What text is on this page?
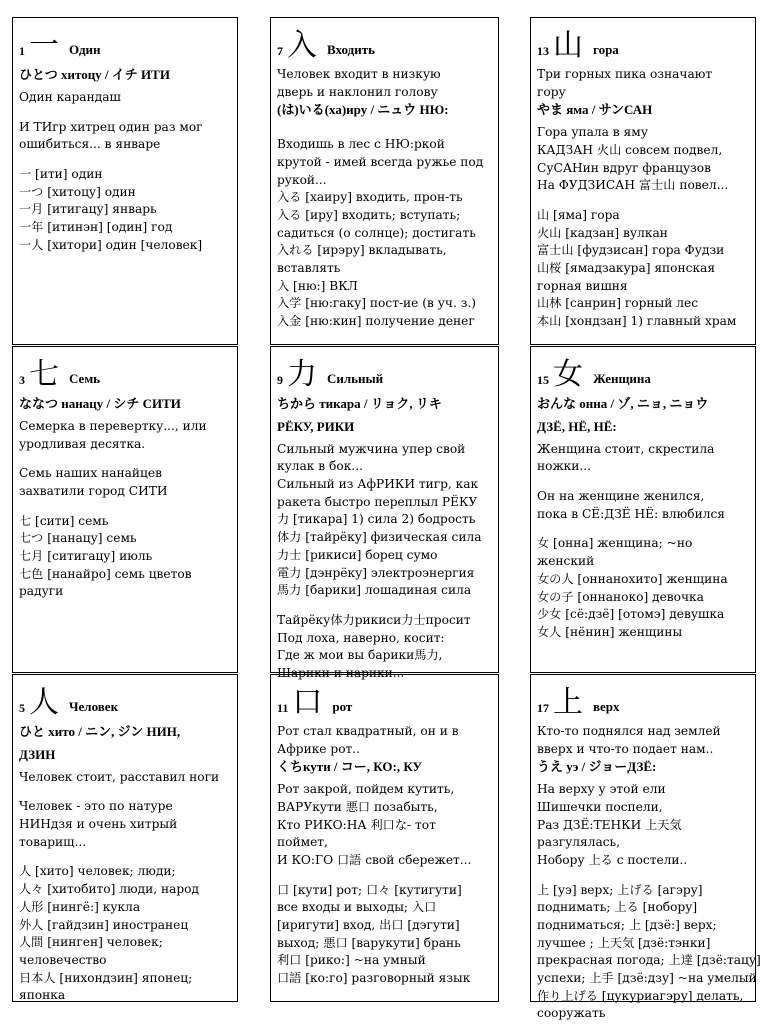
1 一 Один
ひとつ хитоцу / イチ ИТИ
Один карандаш
И ТИгр хитрец один раз мог
ошибиться... в январе
一 [ити] один
一つ [хитоцу] один
一月 [итигацу] январь
一年 [итинэн] [один] год
一人 [хитори] один [человек]
7 入 Входить
Человек входит в низкую
дверь и наклонил голову
(は)いる(ха)иру / ニュウ НЮ:
Входишь в лес с НЮ:ркой
крутой - имей всегда ружье под
рукой...
入る [хаиру] входить, прон-ть
入る [иру] входить; вступать;
садиться (о солнце); достигать
入れる [ирэру] вкладывать,
вставлять
入 [ню:] ВКЛ
入学 [ню:гаку] пост-ие (в уч. з.)
入金 [ню:кин] получение денег
13 山 гора
Три горных пика означают
гору
やま яма / サンСАН
Гора упала в яму
КАДЗАН 火山 совсем подвел,
СуСАНин вдруг французов
На ФУДЗИСАН 富士山 повел...
山 [яма] гора
火山 [кадзан] вулкан
富士山 [фудзисан] гора Фудзи
山桜 [ямадзакура] японская
горная вишня
山林 [санрин] горный лес
本山 [хондзан] 1) главный храм
3 七 Семь
ななつ нанацу / シチ СИТИ
Семерка в перевертку..., или
уродливая десятка.
Семь наших нанайцев
захватили город СИТИ
七 [сити] семь
七つ [нанацу] семь
七月 [ситигацу] июль
七色 [нанайро] семь цветов
радуги
9 力 Сильный
ちから тикара / リョク, リキ
РЁКУ, РИКИ
Сильный мужчина упер свой
кулак в бок...
Сильный из АфРИКИ тигр, как
ракета быстро переплыл РЁКУ
力 [тикара] 1) сила 2) бодрость
体力 [тайрёку] физическая сила
力士 [рикиси] борец сумо
電力 [дэнрёку] электроэнергия
馬力 [барики] лошадиная сила
Тайрёку体力рикиси力士просит
Под лоха, наверно, косит:
Где ж мои вы барики馬力,
Шарики и нарики...
15 女 Женщина
おんな онна / ゾ, ニョ, ニョウ
ДЗЁ, НЁ, НЁ:
Женщина стоит, скрестила
ножки...
Он на женщине женился,
пока в СЁ:ДЗЁ НЁ: влюбился
女 [онна] женщина; ~но
женский
女の人 [оннанохито] женщина
女の子 [оннаноко] девочка
少女 [сё:дзё] [отомэ] девушка
女人 [нёнин] женщины
5 人 Человек
ひと хито / ニン, ジン НИН,
ДЗИН
Человек стоит, расставил ноги
Человек - это по натуре
НИНдзя и очень хитрый
товарищ...
人 [хито] человек; люди;
人々 [хитобито] люди, народ
人形 [нингё:] кукла
外人 [гайдзин] иностранец
人間 [нинген] человек;
человечество
日本人 [нихондзин] японец;
японка
11 口 рот
Рот стал квадратный, он и в
Африке рот..
くちкути / コー, КО:, КУ
Рот закрой, пойдем кутить,
ВАРУкути 悪口 позабыть,
Кто РИКО:НА 利口な- тот
поймет,
И КО:ГО 口語 свой сбережет...
口 [кути] рот; 口々 [кутигути]
все входы и выходы; 入口
[иригути] вход, 出口 [дэгути]
выход; 悪口 [варукути] брань
利口 [рико:] ~на умный
口語 [ко:го] разговорный язык
17 上 верх
Кто-то поднялся над землей
вверх и что-то подает нам..
うえ уэ / ジョーДЗЁ:
На верху у этой ели
Шишечки поспели,
Раз ДЗЁ:ТЕНКИ 上天気
разгулялась,
Нобору 上る с постели..
上 [уэ] верх; 上げる [агэру]
поднимать; 上る [нобору]
подниматься; 上 [дзё:] верх;
лучшее ; 上天気 [дзё:тэнки]
прекрасная погода; 上達 [дзё:тацу]
успехи; 上手 [дзё:дзу] ~на умелый
作り上げる [цукуриагэру] делать,
сооружать
